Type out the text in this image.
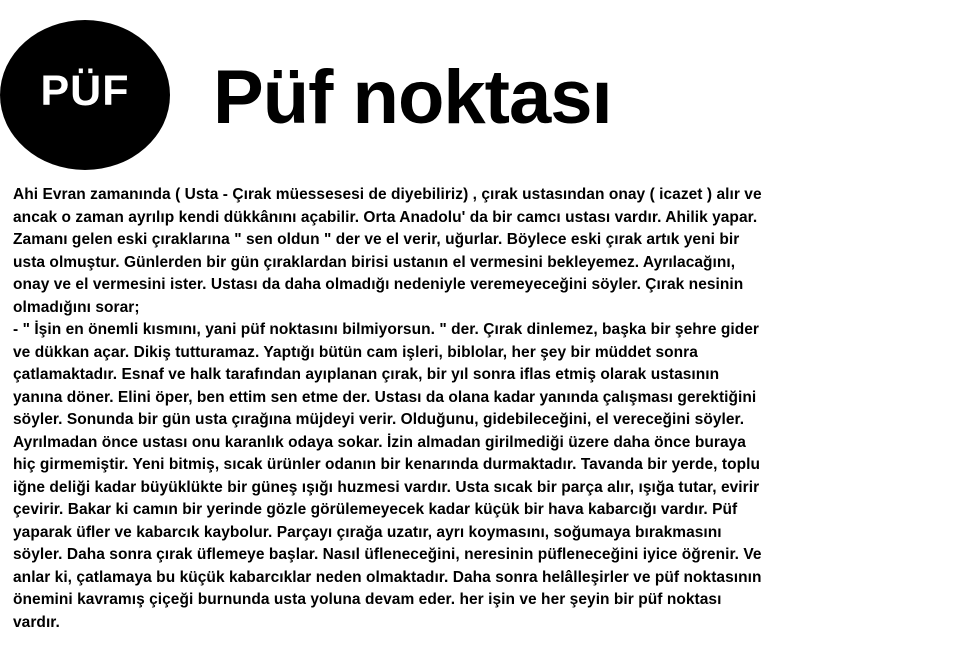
PÜF Püf noktası
Ahi Evran zamanında ( Usta - Çırak müessesesi de diyebiliriz) , çırak ustasından onay ( icazet ) alır ve
ancak o zaman ayrılıp kendi dükkânını açabilir. Orta Anadolu' da bir camcı ustası vardır. Ahilik yapar.
Zamanı gelen eski çıraklarına " sen oldun " der ve el verir, uğurlar. Böylece eski çırak artık yeni bir
usta olmuştur. Günlerden bir gün çıraklardan birisi ustanın el vermesini bekleyemez. Ayrılacağını,
onay ve el vermesini ister. Ustası da daha olmadığı nedeniyle veremeyeceğini söyler. Çırak nesinin
olmadığını sorar;
- " İşin en önemli kısmını, yani püf noktasını bilmiyorsun. " der. Çırak dinlemez, başka bir şehre gider
ve dükkan açar. Dikiş tutturamaz. Yaptığı bütün cam işleri, biblolar, her şey bir müddet sonra
çatlamaktadır. Esnaf ve halk tarafından ayıplanan çırak, bir yıl sonra iflas etmiş olarak ustasının
yanına döner. Elini öper, ben ettim sen etme der. Ustası da olana kadar yanında çalışması gerektiğini
söyler. Sonunda bir gün usta çırağına müjdeyi verir. Olduğunu, gidebileceğini, el vereceğini söyler.
Ayrılmadan önce ustası onu karanlık odaya sokar. İzin almadan girilmediği üzere daha önce buraya
hiç girmemiştir. Yeni bitmiş, sıcak ürünler odanın bir kenarında durmaktadır. Tavanda bir yerde, toplu
iğne deliği kadar büyüklükte bir güneş ışığı huzmesi vardır. Usta sıcak bir parça alır, ışığa tutar, evirir
çevirir. Bakar ki camın bir yerinde gözle görülemeyecek kadar küçük bir hava kabarcığı vardır. Püf
yaparak üfler ve kabarcık kaybolur. Parçayı çırağa uzatır, ayrı koymasını, soğumaya bırakmasını
söyler. Daha sonra çırak üflemeye başlar. Nasıl üfleneceğini, neresinin püfleneceğini iyice öğrenir. Ve
anlar ki, çatlamaya bu küçük kabarcıklar neden olmaktadır. Daha sonra helâlleşirler ve püf noktasının
önemini kavramış çiçeği burnunda usta yoluna devam eder. her işin ve her şeyin bir püf noktası
vardır.
